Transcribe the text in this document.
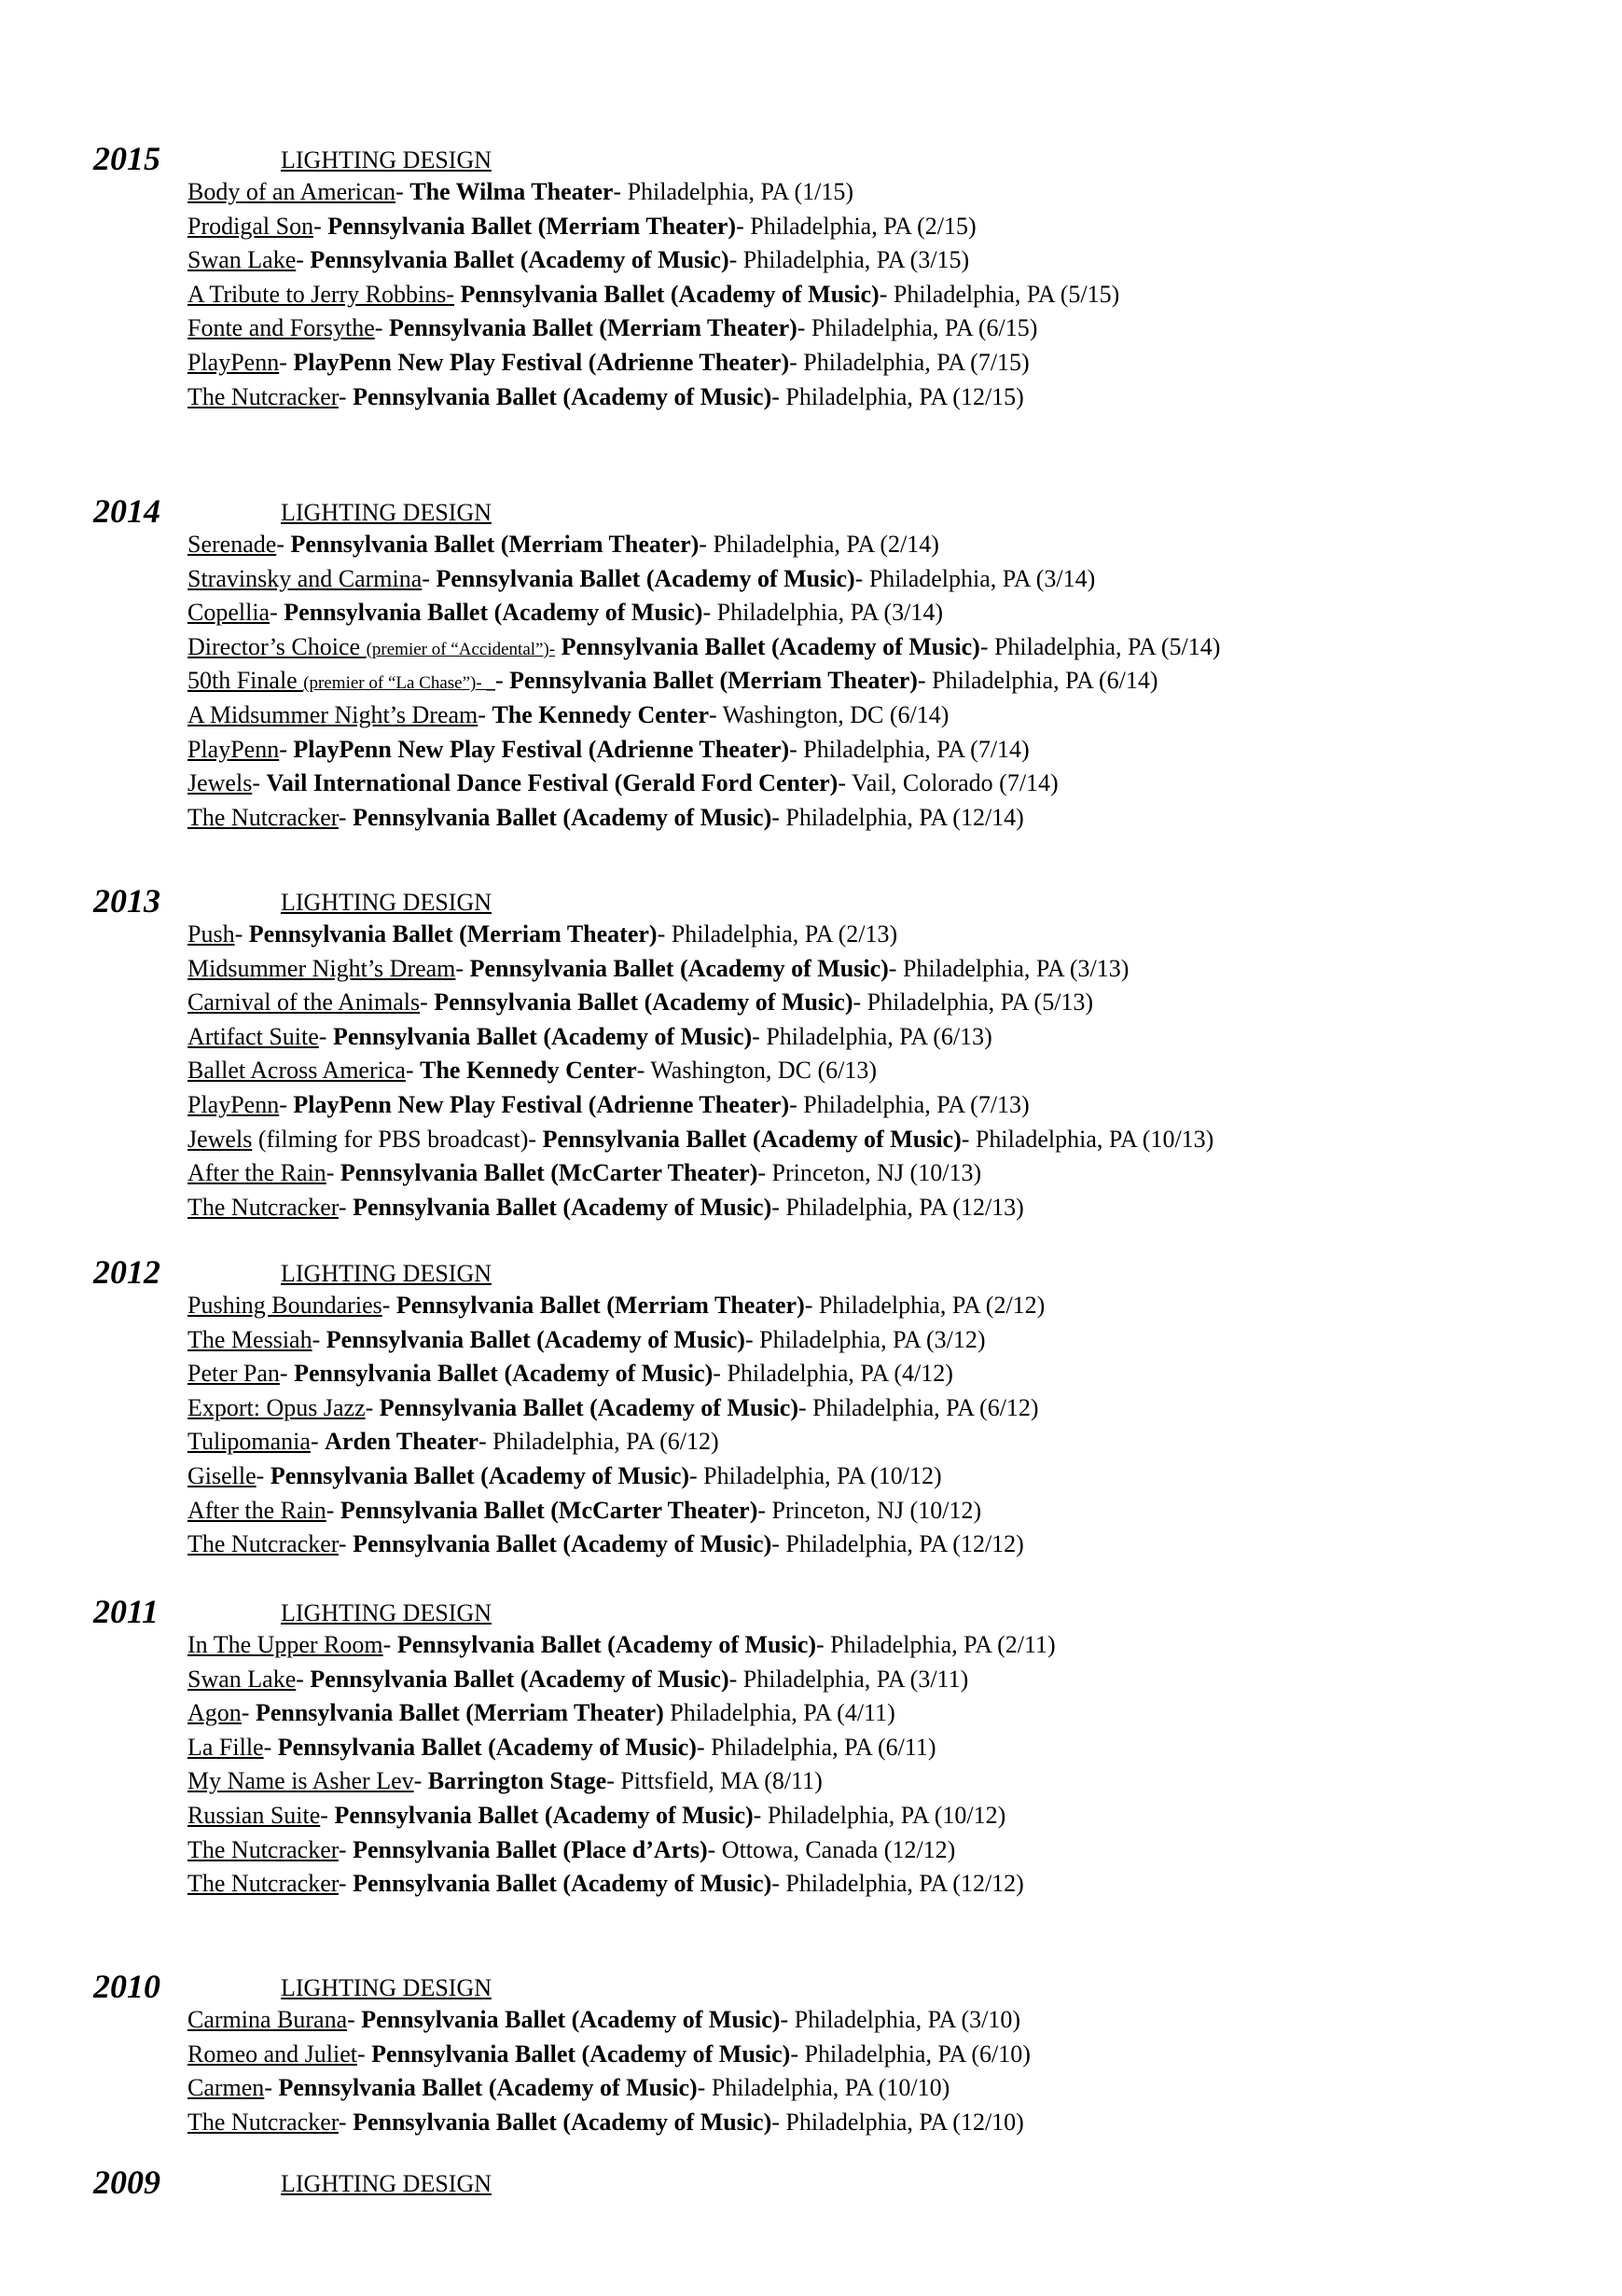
2015	LIGHTING DESIGN
Body of an American- The Wilma Theater- Philadelphia, PA (1/15)
Prodigal Son- Pennsylvania Ballet (Merriam Theater)- Philadelphia, PA (2/15)
Swan Lake- Pennsylvania Ballet (Academy of Music)- Philadelphia, PA (3/15)
A Tribute to Jerry Robbins- Pennsylvania Ballet (Academy of Music)- Philadelphia, PA (5/15)
Fonte and Forsythe- Pennsylvania Ballet (Merriam Theater)- Philadelphia, PA (6/15)
PlayPenn- PlayPenn New Play Festival (Adrienne Theater)- Philadelphia, PA (7/15)
The Nutcracker- Pennsylvania Ballet (Academy of Music)- Philadelphia, PA (12/15)
2014	LIGHTING DESIGN
Serenade- Pennsylvania Ballet (Merriam Theater)- Philadelphia, PA (2/14)
Stravinsky and Carmina- Pennsylvania Ballet (Academy of Music)- Philadelphia, PA (3/14)
Copellia- Pennsylvania Ballet (Academy of Music)- Philadelphia, PA (3/14)
Director’s Choice (premier of “Accidental”)- Pennsylvania Ballet (Academy of Music)- Philadelphia, PA (5/14)
50th Finale (premier of “La Chase”)- _- Pennsylvania Ballet (Merriam Theater)- Philadelphia, PA (6/14)
A Midsummer Night’s Dream- The Kennedy Center- Washington, DC (6/14)
PlayPenn- PlayPenn New Play Festival (Adrienne Theater)- Philadelphia, PA (7/14)
Jewels- Vail International Dance Festival (Gerald Ford Center)- Vail, Colorado (7/14)
The Nutcracker- Pennsylvania Ballet (Academy of Music)- Philadelphia, PA (12/14)
2013	LIGHTING DESIGN
Push- Pennsylvania Ballet (Merriam Theater)- Philadelphia, PA (2/13)
Midsummer Night’s Dream- Pennsylvania Ballet (Academy of Music)- Philadelphia, PA (3/13)
Carnival of the Animals- Pennsylvania Ballet (Academy of Music)- Philadelphia, PA (5/13)
Artifact Suite- Pennsylvania Ballet (Academy of Music)- Philadelphia, PA (6/13)
Ballet Across America- The Kennedy Center- Washington, DC (6/13)
PlayPenn- PlayPenn New Play Festival (Adrienne Theater)- Philadelphia, PA (7/13)
Jewels (filming for PBS broadcast)- Pennsylvania Ballet (Academy of Music)- Philadelphia, PA (10/13)
After the Rain- Pennsylvania Ballet (McCarter Theater)- Princeton, NJ (10/13)
The Nutcracker- Pennsylvania Ballet (Academy of Music)- Philadelphia, PA (12/13)
2012	LIGHTING DESIGN
Pushing Boundaries- Pennsylvania Ballet (Merriam Theater)- Philadelphia, PA (2/12)
The Messiah- Pennsylvania Ballet (Academy of Music)- Philadelphia, PA (3/12)
Peter Pan- Pennsylvania Ballet (Academy of Music)- Philadelphia, PA (4/12)
Export: Opus Jazz- Pennsylvania Ballet (Academy of Music)- Philadelphia, PA (6/12)
Tulipomania- Arden Theater- Philadelphia, PA (6/12)
Giselle- Pennsylvania Ballet (Academy of Music)- Philadelphia, PA (10/12)
After the Rain- Pennsylvania Ballet (McCarter Theater)- Princeton, NJ (10/12)
The Nutcracker- Pennsylvania Ballet (Academy of Music)- Philadelphia, PA (12/12)
2011	LIGHTING DESIGN
In The Upper Room- Pennsylvania Ballet (Academy of Music)- Philadelphia, PA (2/11)
Swan Lake- Pennsylvania Ballet (Academy of Music)- Philadelphia, PA (3/11)
Agon- Pennsylvania Ballet (Merriam Theater) Philadelphia, PA (4/11)
La Fille- Pennsylvania Ballet (Academy of Music)- Philadelphia, PA (6/11)
My Name is Asher Lev- Barrington Stage- Pittsfield, MA (8/11)
Russian Suite- Pennsylvania Ballet (Academy of Music)- Philadelphia, PA (10/12)
The Nutcracker- Pennsylvania Ballet (Place d’Arts)- Ottowa, Canada (12/12)
The Nutcracker- Pennsylvania Ballet (Academy of Music)- Philadelphia, PA (12/12)
2010	LIGHTING DESIGN
Carmina Burana- Pennsylvania Ballet (Academy of Music)- Philadelphia, PA (3/10)
Romeo and Juliet- Pennsylvania Ballet (Academy of Music)- Philadelphia, PA (6/10)
Carmen- Pennsylvania Ballet (Academy of Music)- Philadelphia, PA (10/10)
The Nutcracker- Pennsylvania Ballet (Academy of Music)- Philadelphia, PA (12/10)
2009	LIGHTING DESIGN
